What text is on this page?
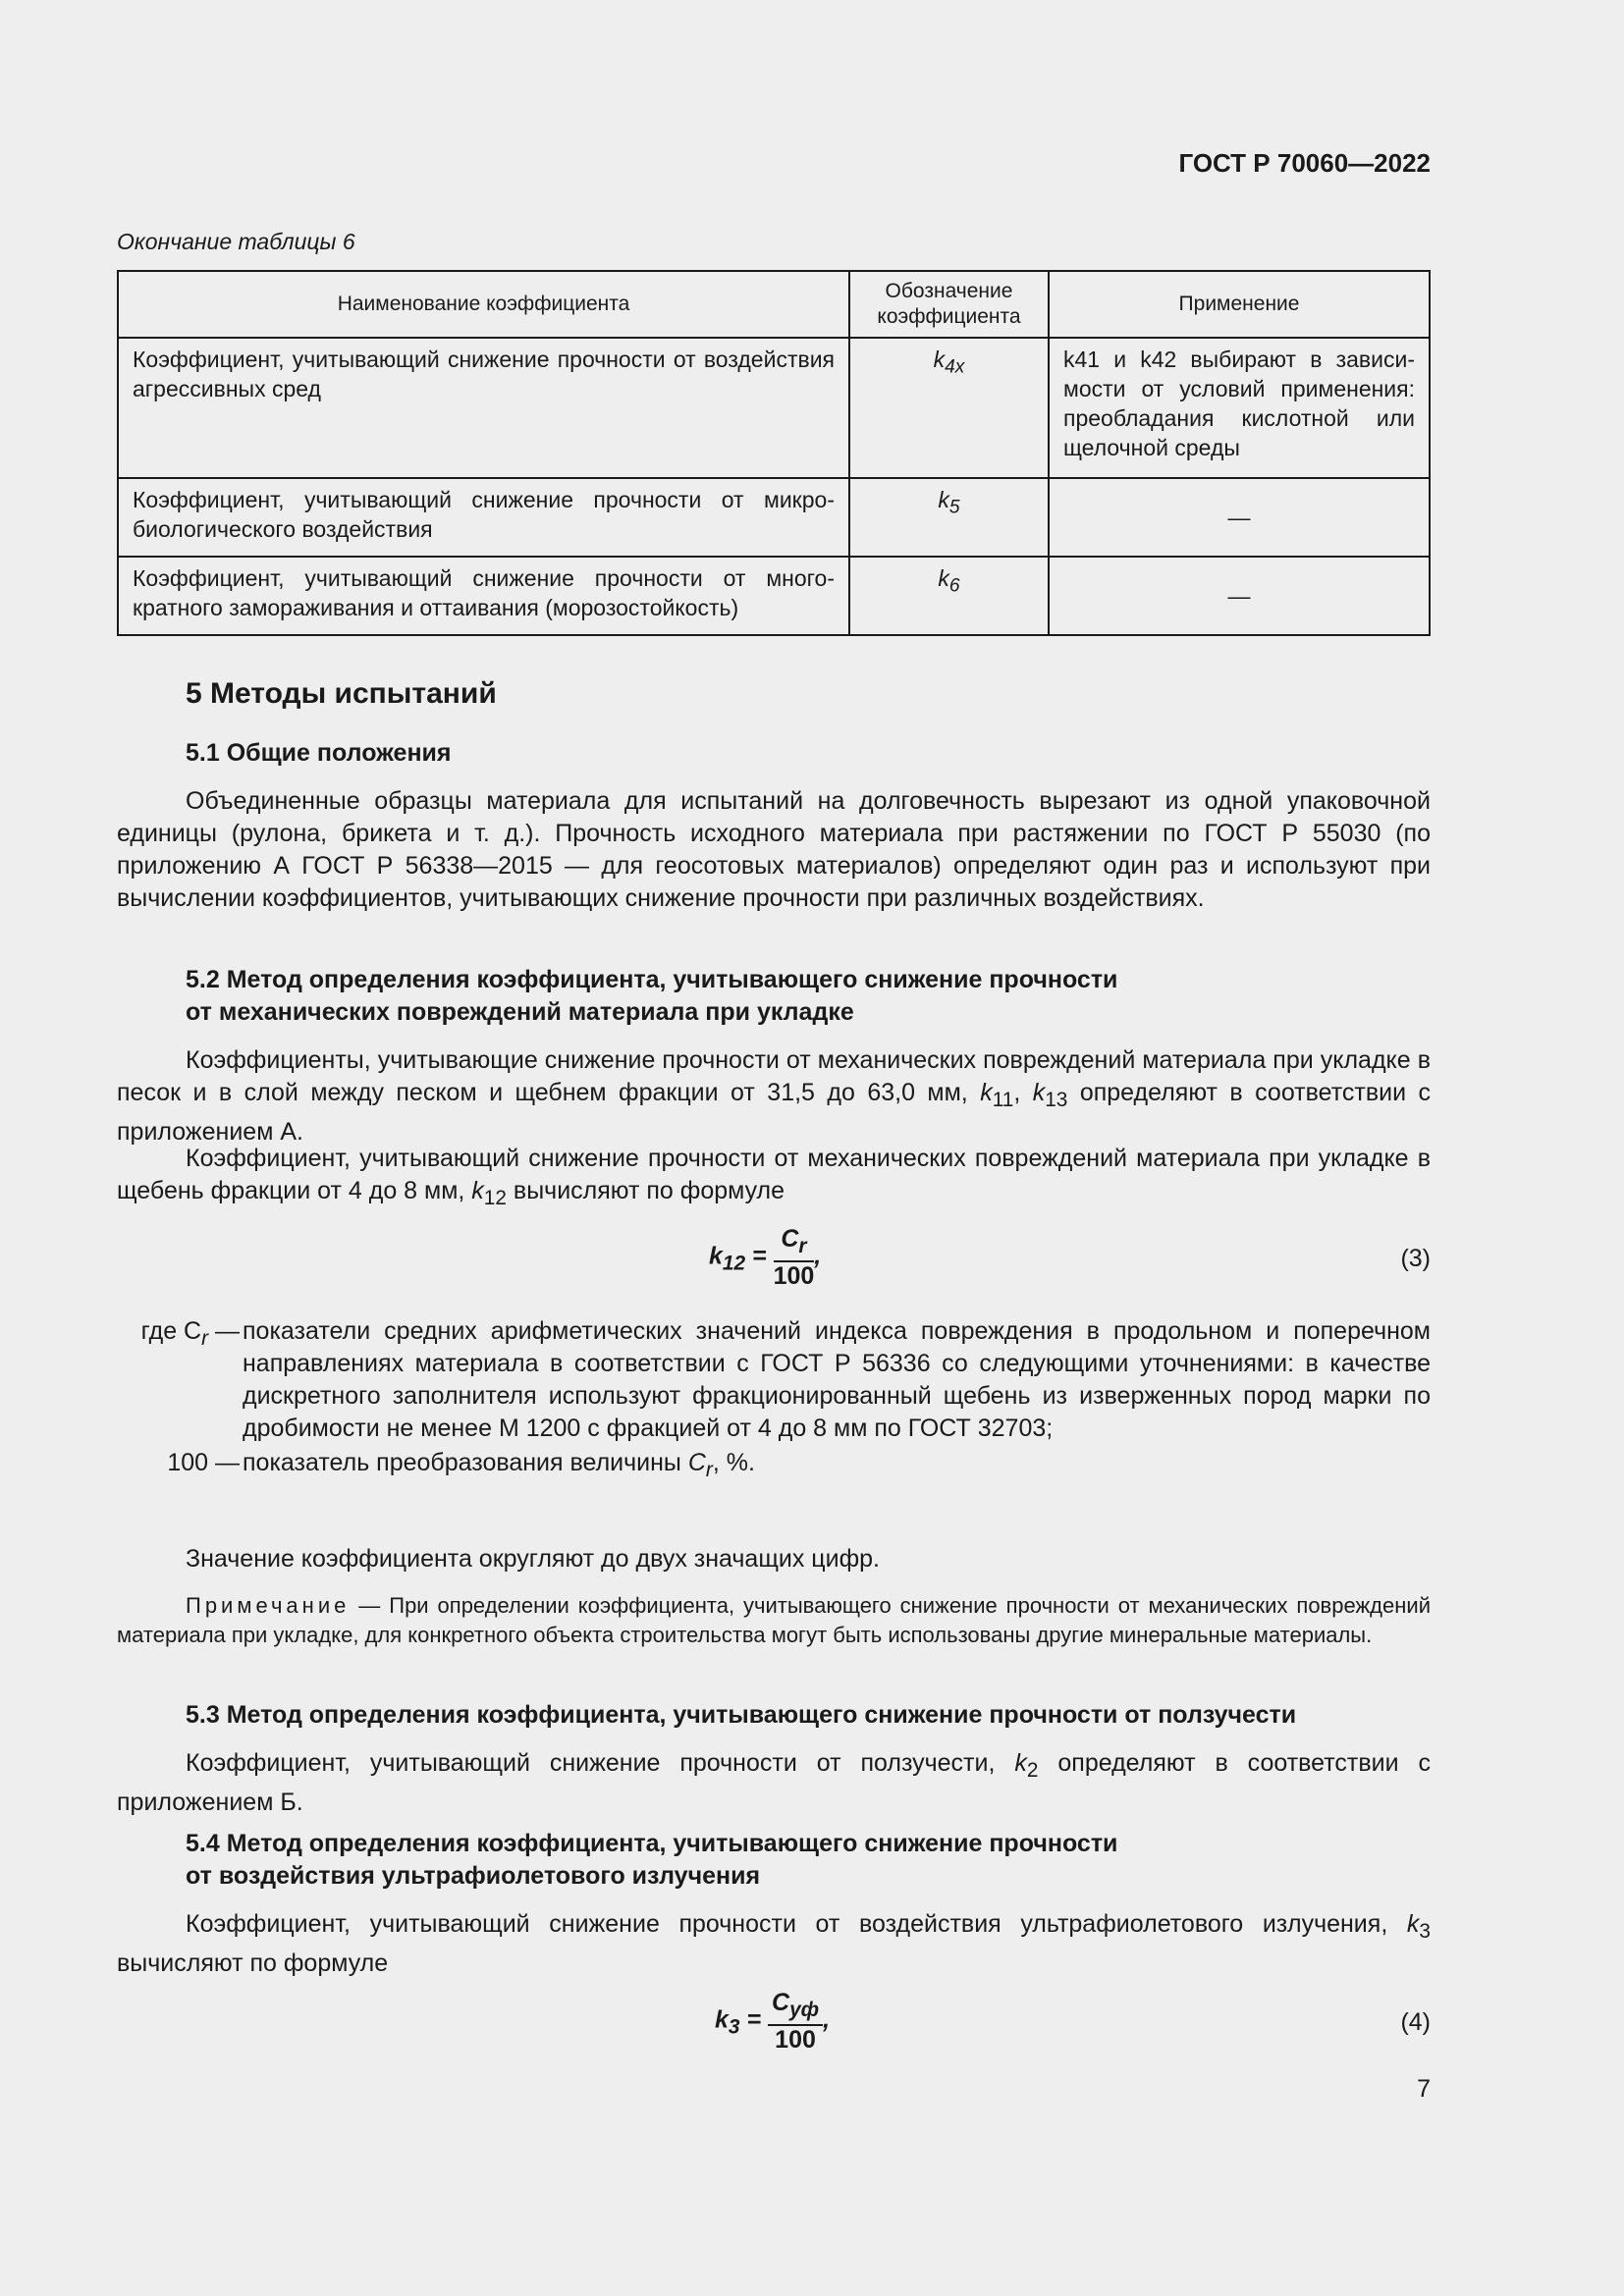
ГОСТ Р 70060—2022
Окончание таблицы 6
Наименование коэффициента	Обозначение коэффициента	Применение
Коэффициент, учитывающий снижение прочности от воздействия агрессивных сред	$k_{4x}$	k41 и k42 выбирают в зависимости от условий применения: преобладания кислотной или щелочной среды
Коэффициент, учитывающий снижение прочности от микробиологического воздействия	$k_5$	—
Коэффициент, учитывающий снижение прочности от многократного замораживания и оттаивания (морозостойкость)	$k_6$	—
5 Методы испытаний
5.1 Общие положения
Объединенные образцы материала для испытаний на долговечность вырезают из одной упаковочной единицы (рулона, брикета и т. д.). Прочность исходного материала при растяжении по ГОСТ Р 55030 (по приложению А ГОСТ Р 56338—2015 — для геосотовых материалов) определяют один раз и используют при вычислении коэффициентов, учитывающих снижение прочности при различных воздействиях.
5.2 Метод определения коэффициента, учитывающего снижение прочности
от механических повреждений материала при укладке
Коэффициенты, учитывающие снижение прочности от механических повреждений материала при укладке в песок и в слой между песком и щебнем фракции от 31,5 до 63,0 мм, $k_{11}$, $k_{13}$ определяют в соответствии с приложением А.
Коэффициент, учитывающий снижение прочности от механических повреждений материала при укладке в щебень фракции от 4 до 8 мм, $k_{12}$ вычисляют по формуле
$k_{12} = \frac{C_r}{100}$ ,	(3)
где $C_r$ — показатели средних арифметических значений индекса повреждения в продольном и поперечном направлениях материала в соответствии с ГОСТ Р 56336 со следующими уточнениями: в качестве дискретного заполнителя используют фракционированный щебень из изверженных пород марки по дробимости не менее М 1200 с фракцией от 4 до 8 мм по ГОСТ 32703;
100 — показатель преобразования величины $C_r$, %.
Значение коэффициента округляют до двух значащих цифр.
Примечание — При определении коэффициента, учитывающего снижение прочности от механических повреждений материала при укладке, для конкретного объекта строительства могут быть использованы другие минеральные материалы.
5.3 Метод определения коэффициента, учитывающего снижение прочности от ползучести
Коэффициент, учитывающий снижение прочности от ползучести, $k_2$ определяют в соответствии с приложением Б.
5.4 Метод определения коэффициента, учитывающего снижение прочности
от воздействия ультрафиолетового излучения
Коэффициент, учитывающий снижение прочности от воздействия ультрафиолетового излучения, $k_3$ вычисляют по формуле
$k_3 = \frac{C_{уф}}{100}$ ,	(4)
7
